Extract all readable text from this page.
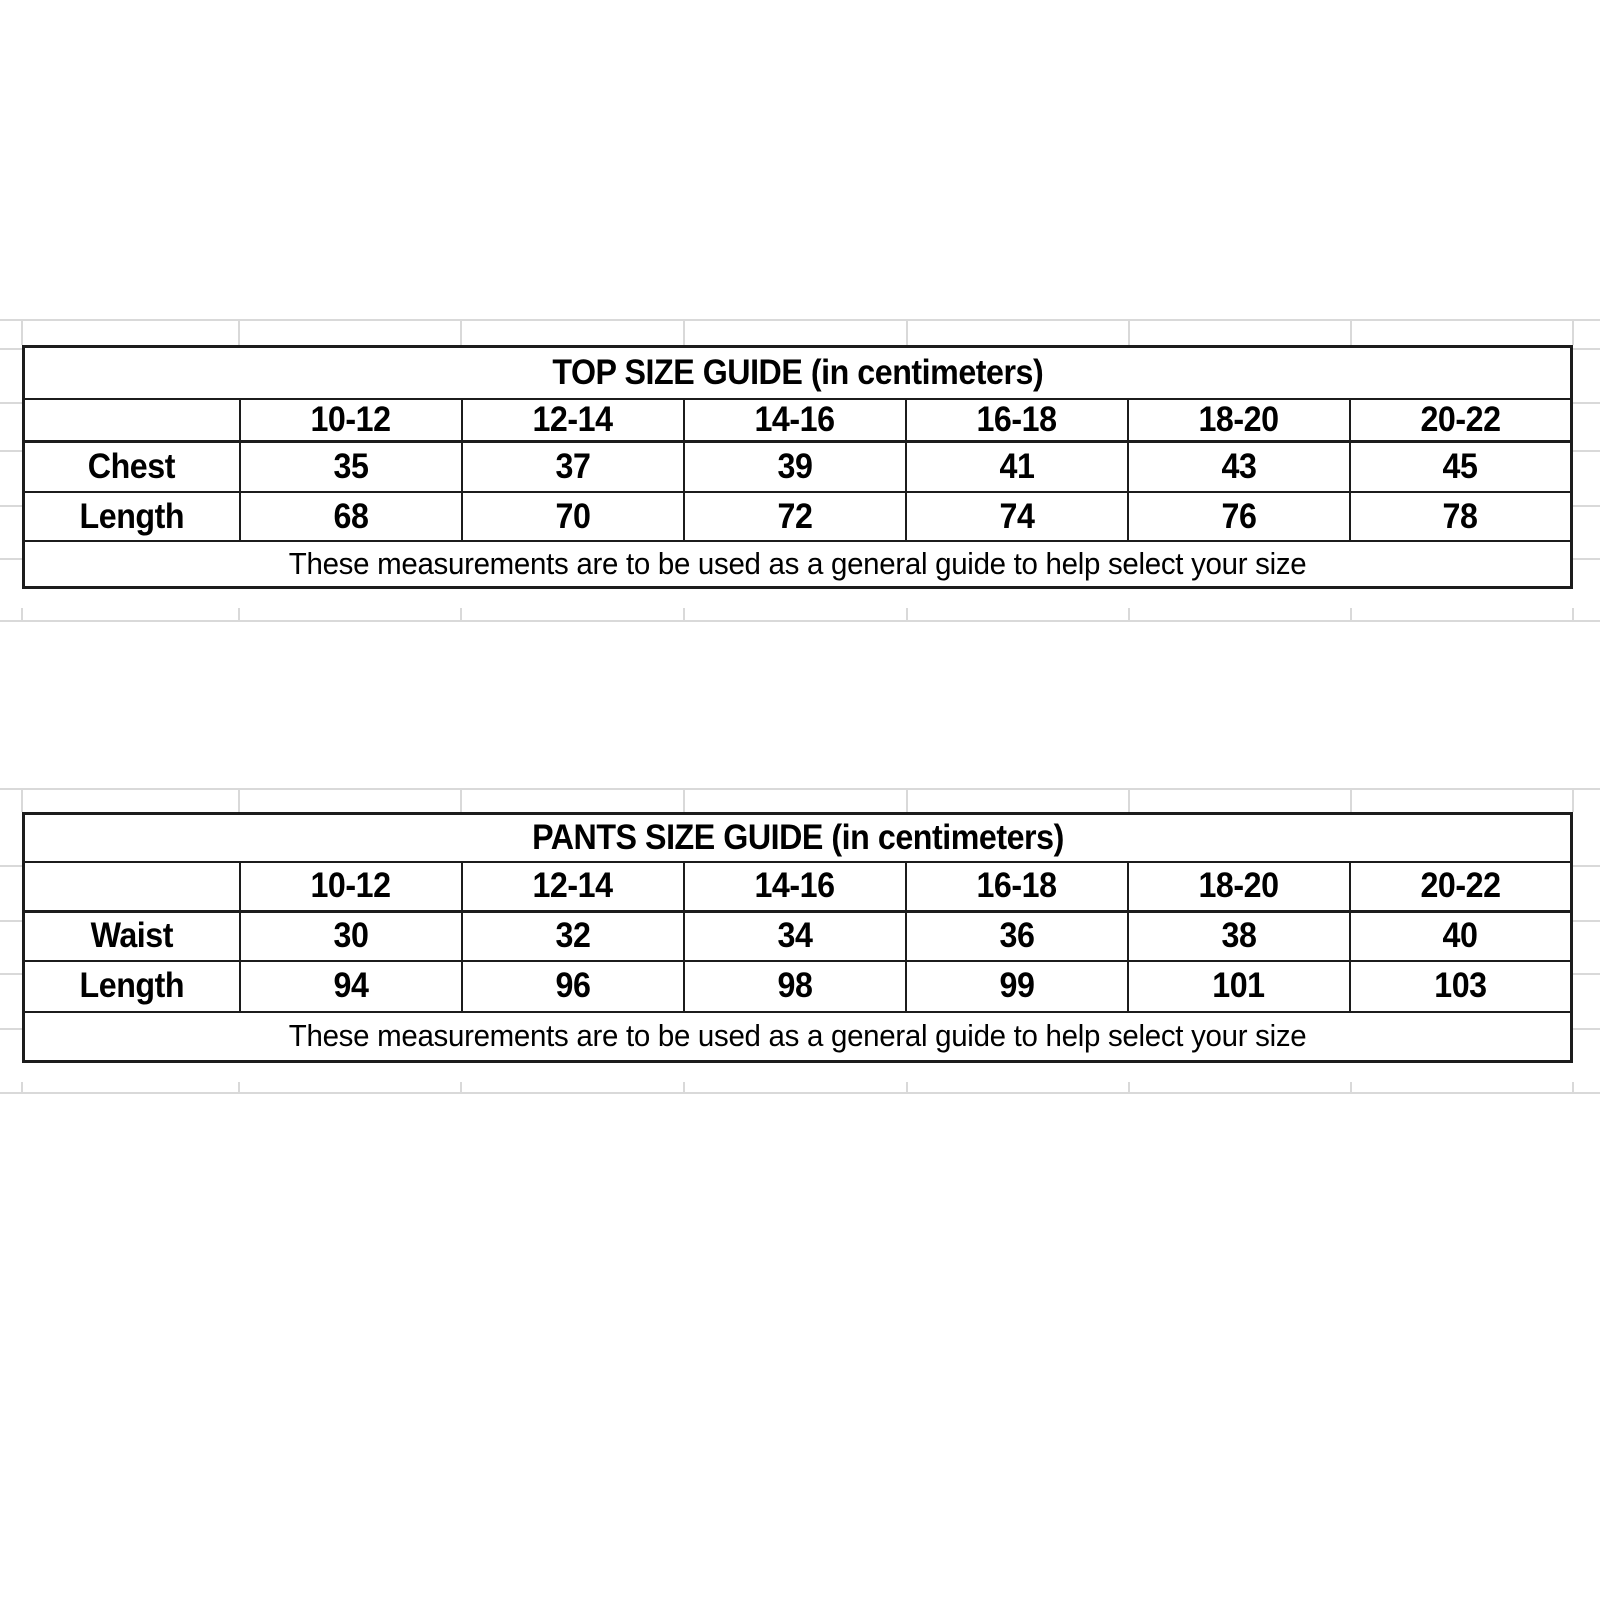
TOP SIZE GUIDE (in centimeters)						
	10-12	12-14	14-16	16-18	18-20	20-22
Chest	35	37	39	41	43	45
Length	68	70	72	74	76	78
These measurements are to be used as a general guide to help select your size						
PANTS SIZE GUIDE (in centimeters)						
	10-12	12-14	14-16	16-18	18-20	20-22
Waist	30	32	34	36	38	40
Length	94	96	98	99	101	103
These measurements are to be used as a general guide to help select your size						
